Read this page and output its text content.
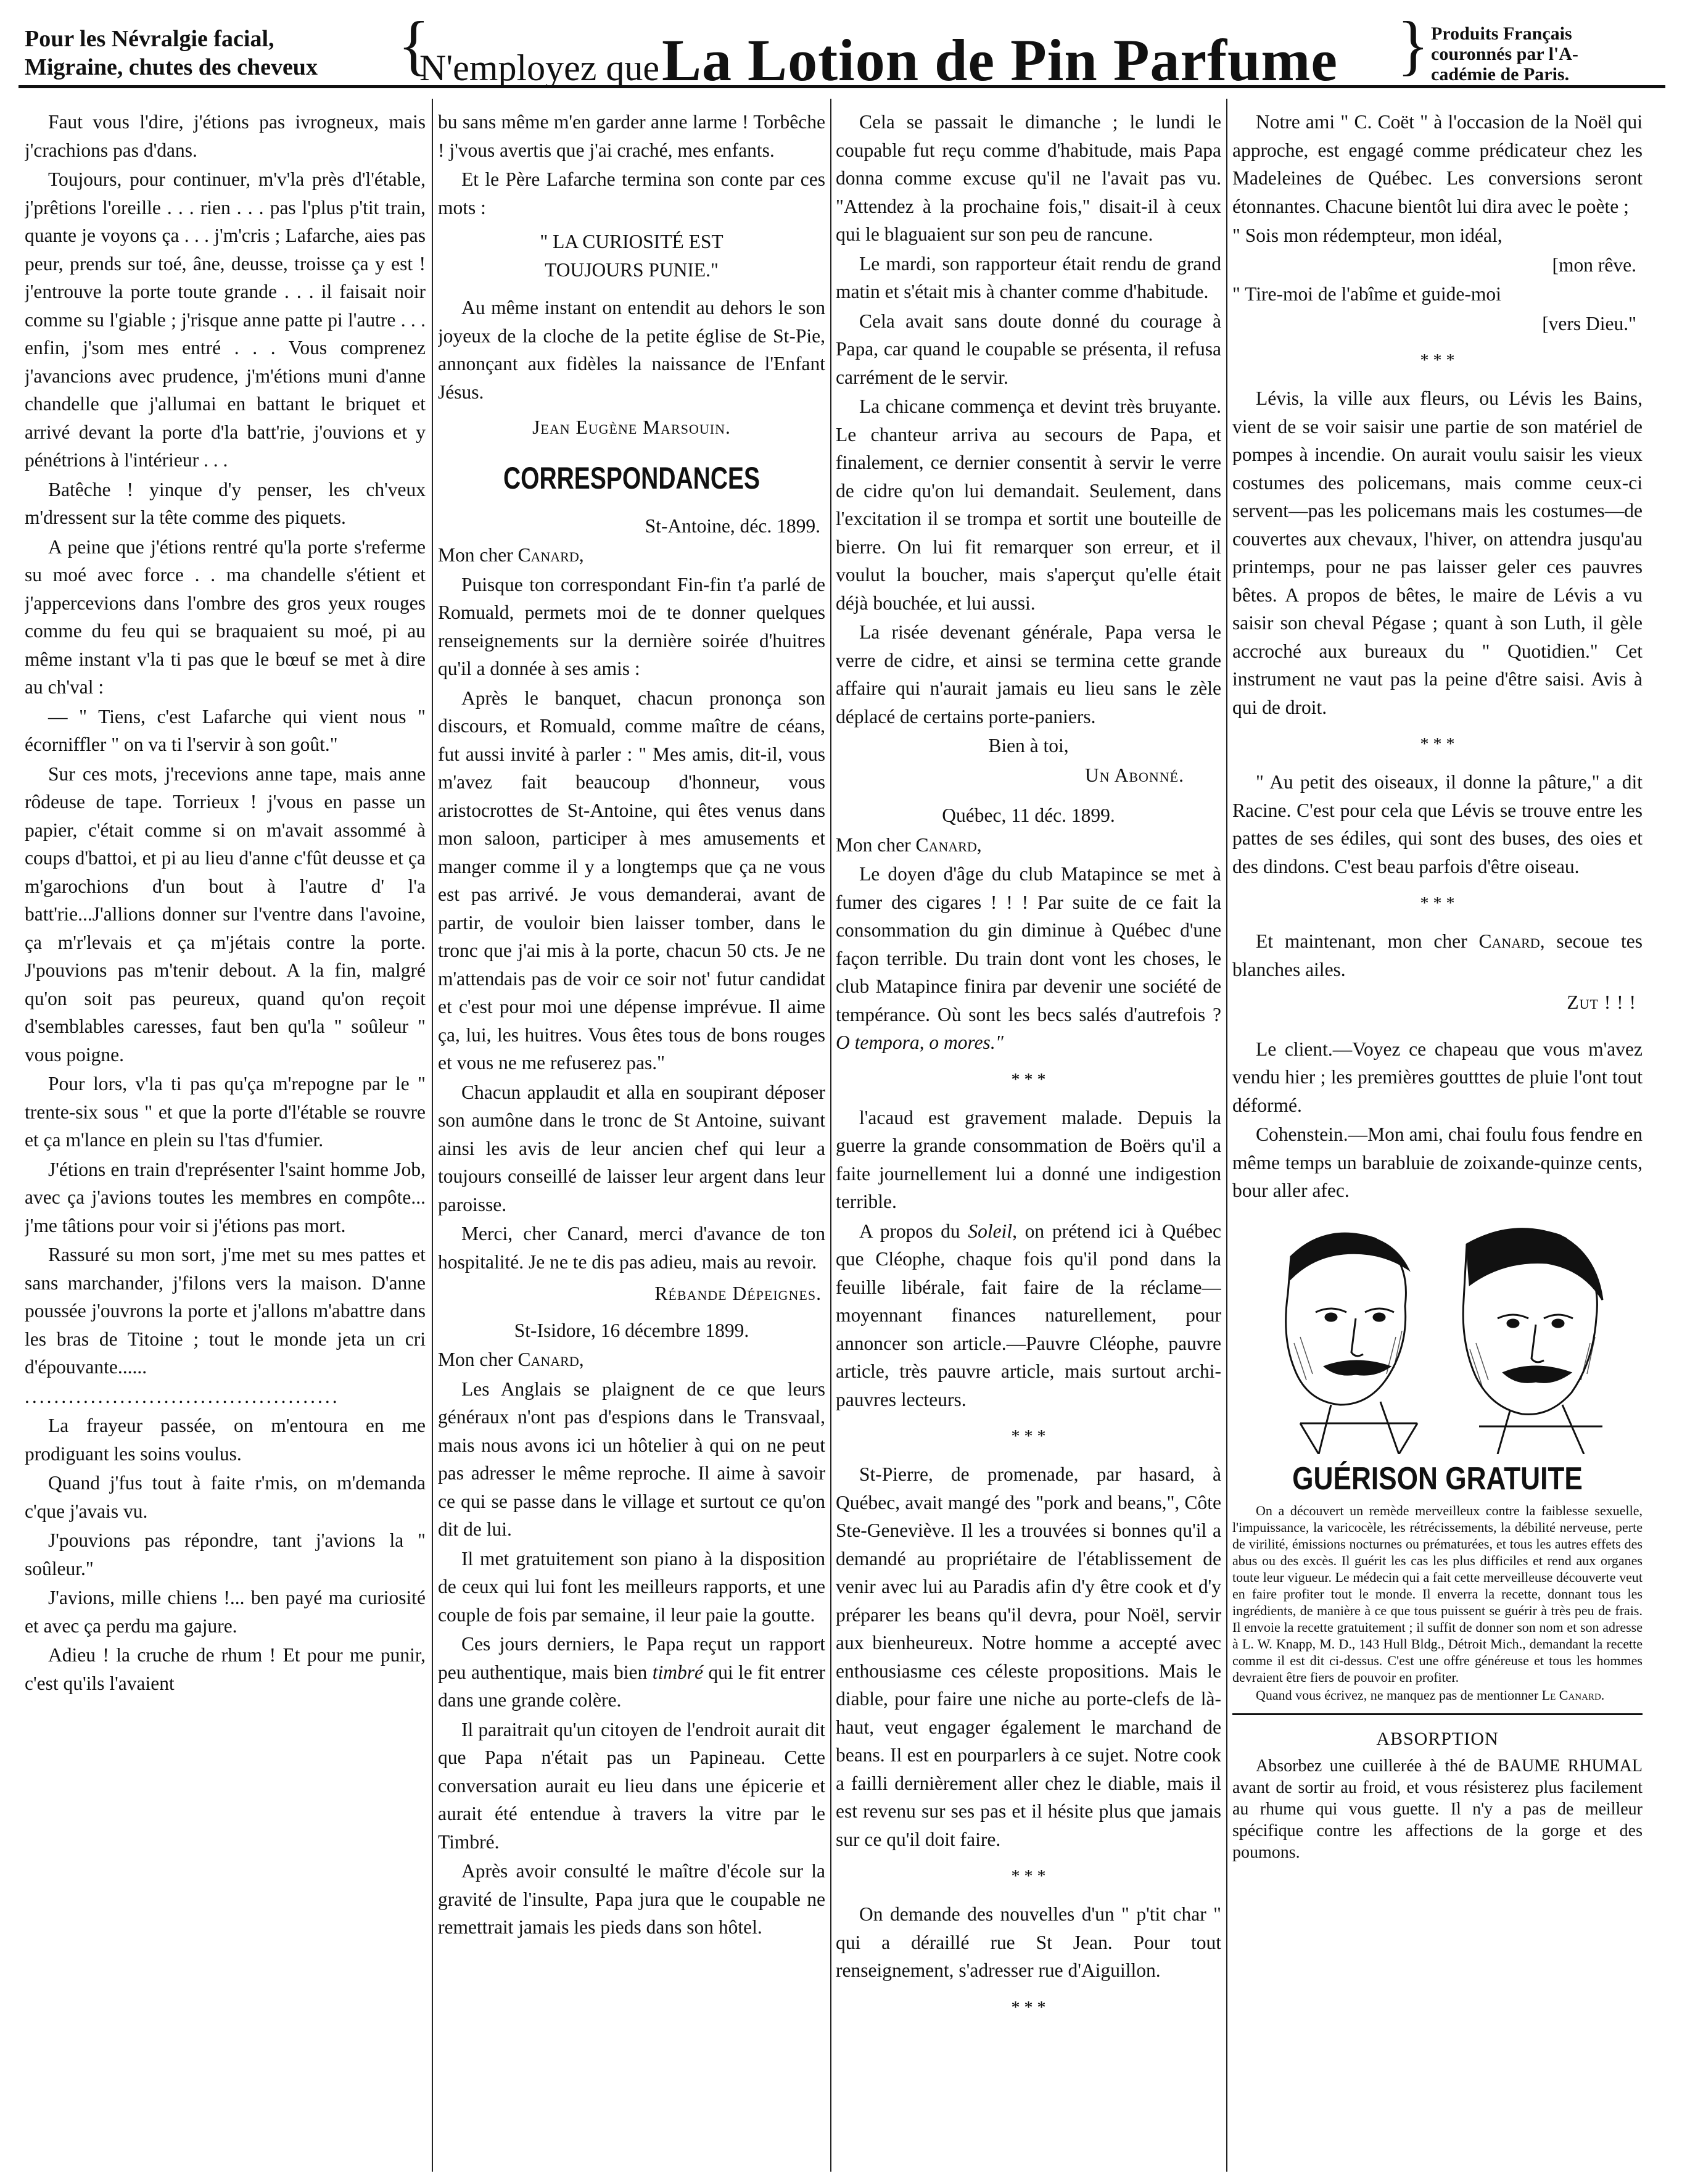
Pour les Névralgie facial,
Migraine, chutes des cheveux	{
N'employez que La Lotion de Pin Parfume } Produits Français
couronnés par l'A-
cadémie de Paris.

Faut vous l'dire, j'étions pas ivrogneux, mais j'crachions pas d'dans.

Toujours, pour continuer, m'v'la près d'l'étable, j'prêtions l'oreille . . . rien . . . pas l'plus p'tit train, quante je voyons ça . . . j'm'cris ; Lafarche, aies pas peur, prends sur toé, âne, deusse, troisse ça y est ! j'entrouve la porte toute grande . . . il faisait noir comme su l'giable ; j'risque anne patte pi l'autre . . . enfin, j'som mes entré . . . Vous comprenez j'avancions avec prudence, j'm'étions muni d'anne chandelle que j'allumai en battant le briquet et arrivé devant la porte d'la batt'rie, j'ouvions et y pénétrions à l'intérieur . . .

Batêche ! yinque d'y penser, les ch'veux m'dressent sur la tête comme des piquets.

A peine que j'étions rentré qu'la porte s'referme su moé avec force . . ma chandelle s'étient et j'appercevions dans l'ombre des gros yeux rouges comme du feu qui se braquaient su moé, pi au même instant v'la ti pas que le bœuf se met à dire au ch'val :

— " Tiens, c'est Lafarche qui vient nous " écorniffler " on va ti l'servir à son goût."

Sur ces mots, j'recevions anne tape, mais anne rôdeuse de tape. Torrieux ! j'vous en passe un papier, c'était comme si on m'avait assommé à coups d'battoi, et pi au lieu d'anne c'fût deusse et ça m'garochions d'un bout à l'autre d' l'a batt'rie...J'allions donner sur l'ventre dans l'avoine, ça m'r'levais et ça m'jétais contre la porte. J'pouvions pas m'tenir debout. A la fin, malgré qu'on soit pas peureux, quand qu'on reçoit d'semblables caresses, faut ben qu'la " soûleur " vous poigne.

Pour lors, v'la ti pas qu'ça m'repogne par le " trente-six sous " et que la porte d'l'étable se rouvre et ça m'lance en plein su l'tas d'fumier.

J'étions en train d'représenter l'saint homme Job, avec ça j'avions toutes les membres en compôte... j'me tâtions pour voir si j'étions pas mort.

Rassuré su mon sort, j'me met su mes pattes et sans marchander, j'filons vers la maison. D'anne poussée j'ouvrons la porte et j'allons m'abattre dans les bras de Titoine ; tout le monde jeta un cri d'épouvante......

...........................................

La frayeur passée, on m'entoura en me prodiguant les soins voulus.

Quand j'fus tout à faite r'mis, on m'demanda c'que j'avais vu.

J'pouvions pas répondre, tant j'avions la " soûleur."

J'avions, mille chiens !... ben payé ma curiosité et avec ça perdu ma gajure.

Adieu ! la cruche de rhum ! Et pour me punir, c'est qu'ils l'avaient

bu sans même m'en garder anne larme ! Torbêche ! j'vous avertis que j'ai craché, mes enfants.

Et le Père Lafarche termina son conte par ces mots :

" LA CURIOSITÉ EST
TOUJOURS PUNIE."

Au même instant on entendit au dehors le son joyeux de la cloche de la petite église de St-Pie, annonçant aux fidèles la naissance de l'Enfant Jésus.

Jean Eugène Marsouin.

CORRESPONDANCES

St-Antoine, déc. 1899.

Mon cher Canard,

Puisque ton correspondant Fin-fin t'a parlé de Romuald, permets moi de te donner quelques renseignements sur la dernière soirée d'huitres qu'il a donnée à ses amis :

Après le banquet, chacun prononça son discours, et Romuald, comme maître de céans, fut aussi invité à parler : " Mes amis, dit-il, vous m'avez fait beaucoup d'honneur, vous aristocrottes de St-Antoine, qui êtes venus dans mon saloon, participer à mes amusements et manger comme il y a longtemps que ça ne vous est pas arrivé. Je vous demanderai, avant de partir, de vouloir bien laisser tomber, dans le tronc que j'ai mis à la porte, chacun 50 cts. Je ne m'attendais pas de voir ce soir not' futur candidat et c'est pour moi une dépense imprévue. Il aime ça, lui, les huitres. Vous êtes tous de bons rouges et vous ne me refuserez pas."

Chacun applaudit et alla en soupirant déposer son aumône dans le tronc de St Antoine, suivant ainsi les avis de leur ancien chef qui leur a toujours conseillé de laisser leur argent dans leur paroisse.

Merci, cher Canard, merci d'avance de ton hospitalité. Je ne te dis pas adieu, mais au revoir.

Rébande Dépeignes.

St-Isidore, 16 décembre 1899.

Mon cher Canard,

Les Anglais se plaignent de ce que leurs généraux n'ont pas d'espions dans le Transvaal, mais nous avons ici un hôtelier à qui on ne peut pas adresser le même reproche. Il aime à savoir ce qui se passe dans le village et surtout ce qu'on dit de lui.

Il met gratuitement son piano à la disposition de ceux qui lui font les meilleurs rapports, et une couple de fois par semaine, il leur paie la goutte.

Ces jours derniers, le Papa reçut un rapport peu authentique, mais bien timbré qui le fit entrer dans une grande colère.

Il paraitrait qu'un citoyen de l'endroit aurait dit que Papa n'était pas un Papineau. Cette conversation aurait eu lieu dans une épicerie et aurait été entendue à travers la vitre par le Timbré.

Après avoir consulté le maître d'école sur la gravité de l'insulte, Papa jura que le coupable ne remettrait jamais les pieds dans son hôtel.

Cela se passait le dimanche ; le lundi le coupable fut reçu comme d'habitude, mais Papa donna comme excuse qu'il ne l'avait pas vu. "Attendez à la prochaine fois," disait-il à ceux qui le blaguaient sur son peu de rancune.

Le mardi, son rapporteur était rendu de grand matin et s'était mis à chanter comme d'habitude.

Cela avait sans doute donné du courage à Papa, car quand le coupable se présenta, il refusa carrément de le servir.

La chicane commença et devint très bruyante. Le chanteur arriva au secours de Papa, et finalement, ce dernier consentit à servir le verre de cidre qu'on lui demandait. Seulement, dans l'excitation il se trompa et sortit une bouteille de bierre. On lui fit remarquer son erreur, et il voulut la boucher, mais s'aperçut qu'elle était déjà bouchée, et lui aussi.

La risée devenant générale, Papa versa le verre de cidre, et ainsi se termina cette grande affaire qui n'aurait jamais eu lieu sans le zèle déplacé de certains porte-paniers.

Bien à toi,

Un Abonné.

Québec, 11 déc. 1899.

Mon cher Canard,

Le doyen d'âge du club Matapince se met à fumer des cigares ! ! ! Par suite de ce fait la consommation du gin diminue à Québec d'une façon terrible. Du train dont vont les choses, le club Matapince finira par devenir une société de tempérance. Où sont les becs salés d'autrefois ? O tempora, o mores."

* * *

l'acaud est gravement malade. Depuis la guerre la grande consommation de Boërs qu'il a faite journellement lui a donné une indigestion terrible.

A propos du Soleil, on prétend ici à Québec que Cléophe, chaque fois qu'il pond dans la feuille libérale, fait faire de la réclame—moyennant finances naturellement, pour annoncer son article.—Pauvre Cléophe, pauvre article, très pauvre article, mais surtout archi-pauvres lecteurs.

* * *

St-Pierre, de promenade, par hasard, à Québec, avait mangé des "pork and beans,", Côte Ste-Geneviève. Il les a trouvées si bonnes qu'il a demandé au propriétaire de l'établissement de venir avec lui au Paradis afin d'y être cook et d'y préparer les beans qu'il devra, pour Noël, servir aux bienheureux. Notre homme a accepté avec enthousiasme ces céleste propositions. Mais le diable, pour faire une niche au porte-clefs de là-haut, veut engager également le marchand de beans. Il est en pourparlers à ce sujet. Notre cook a failli dernièrement aller chez le diable, mais il est revenu sur ses pas et il hésite plus que jamais sur ce qu'il doit faire.

* * *

On demande des nouvelles d'un " p'tit char " qui a déraillé rue St Jean. Pour tout renseignement, s'adresser rue d'Aiguillon.

* * *

Notre ami " C. Coët " à l'occasion de la Noël qui approche, est engagé comme prédicateur chez les Madeleines de Québec. Les conversions seront étonnantes. Chacune bientôt lui dira avec le poète ;

" Sois mon rédempteur, mon idéal,

[mon rêve.

" Tire-moi de l'abîme et guide-moi

[vers Dieu."

* * *

Lévis, la ville aux fleurs, ou Lévis les Bains, vient de se voir saisir une partie de son matériel de pompes à incendie. On aurait voulu saisir les vieux costumes des policemans, mais comme ceux-ci servent—pas les policemans mais les costumes—de couvertes aux chevaux, l'hiver, on attendra jusqu'au printemps, pour ne pas laisser geler ces pauvres bêtes. A propos de bêtes, le maire de Lévis a vu saisir son cheval Pégase ; quant à son Luth, il gèle accroché aux bureaux du " Quotidien." Cet instrument ne vaut pas la peine d'être saisi. Avis à qui de droit.

* * *

" Au petit des oiseaux, il donne la pâture," a dit Racine. C'est pour cela que Lévis se trouve entre les pattes de ses édiles, qui sont des buses, des oies et des dindons. C'est beau parfois d'être oiseau.

* * *

Et maintenant, mon cher Canard, secoue tes blanches ailes.

Zut ! ! !

Le client.—Voyez ce chapeau que vous m'avez vendu hier ; les premières goutttes de pluie l'ont tout déformé.

Cohenstein.—Mon ami, chai foulu fous fendre en même temps un barabluie de zoixande-quinze cents, bour aller afec.

GUÉRISON GRATUITE

On a découvert un remède merveilleux contre la faiblesse sexuelle, l'impuissance, la varicocèle, les rétrécissements, la débilité nerveuse, perte de virilité, émissions nocturnes ou prématurées, et tous les autres effets des abus ou des excès. Il guérit les cas les plus difficiles et rend aux organes toute leur vigueur. Le médecin qui a fait cette merveilleuse découverte veut en faire profiter tout le monde. Il enverra la recette, donnant tous les ingrédients, de manière à ce que tous puissent se guérir à très peu de frais. Il envoie la recette gratuitement ; il suffit de donner son nom et son adresse à L. W. Knapp, M. D., 143 Hull Bldg., Détroit Mich., demandant la recette comme il est dit ci-dessus. C'est une offre généreuse et tous les hommes devraient être fiers de pouvoir en profiter.

Quand vous écrivez, ne manquez pas de mentionner Le Canard.

ABSORPTION

Absorbez une cuillerée à thé de BAUME RHUMAL avant de sortir au froid, et vous résisterez plus facilement au rhume qui vous guette. Il n'y a pas de meilleur spécifique contre les affections de la gorge et des poumons.
